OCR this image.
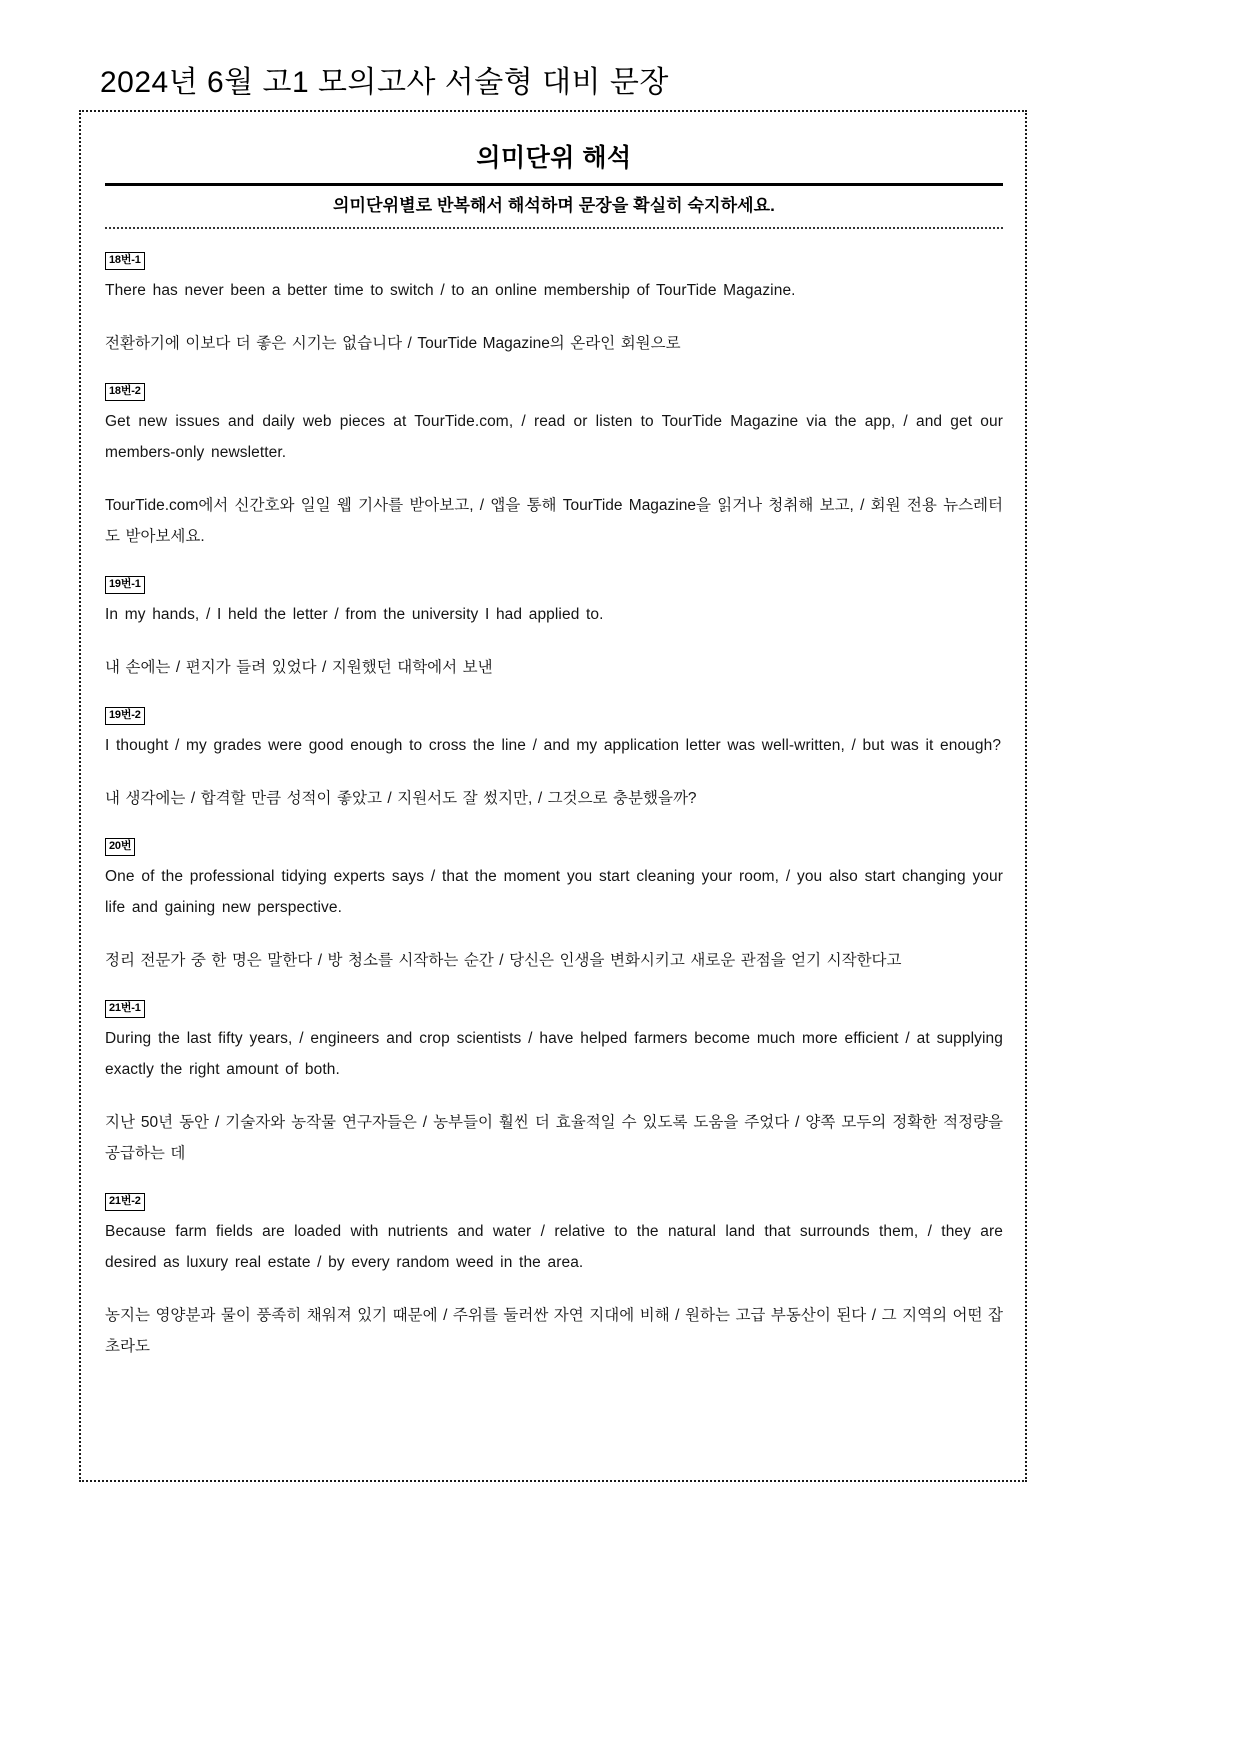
2024년 6월 고1 모의고사 서술형 대비 문장
의미단위 해석
의미단위별로 반복해서 해석하며 문장을 확실히 숙지하세요.
18번-1

There has never been a better time to switch / to an online membership of TourTide Magazine.

전환하기에 이보다 더 좋은 시기는 없습니다 / TourTide Magazine의 온라인 회원으로

18번-2

Get new issues and daily web pieces at TourTide.com, / read or listen to TourTide Magazine via the app, / and get our members-only newsletter.

TourTide.com에서 신간호와 일일 웹 기사를 받아보고, / 앱을 통해 TourTide Magazine을 읽거나 청취해 보고, / 회원 전용 뉴스레터도 받아보세요.

19번-1

In my hands, / I held the letter / from the university I had applied to.

내 손에는 / 편지가 들려 있었다 / 지원했던 대학에서 보낸

19번-2

I thought / my grades were good enough to cross the line / and my application letter was well-written, / but was it enough?

내 생각에는 / 합격할 만큼 성적이 좋았고 / 지원서도 잘 썼지만, / 그것으로 충분했을까?

20번

One of the professional tidying experts says / that the moment you start cleaning your room, / you also start changing your life and gaining new perspective.

정리 전문가 중 한 명은 말한다 / 방 청소를 시작하는 순간 / 당신은 인생을 변화시키고 새로운 관점을 얻기 시작한다고

21번-1

During the last fifty years, / engineers and crop scientists / have helped farmers become much more efficient / at supplying exactly the right amount of both.

지난 50년 동안 / 기술자와 농작물 연구자들은 / 농부들이 훨씬 더 효율적일 수 있도록 도움을 주었다 / 양쪽 모두의 정확한 적정량을 공급하는 데

21번-2

Because farm fields are loaded with nutrients and water / relative to the natural land that surrounds them, / they are desired as luxury real estate / by every random weed in the area.

농지는 영양분과 물이 풍족히 채워져 있기 때문에 / 주위를 둘러싼 자연 지대에 비해 / 원하는 고급 부동산이 된다 / 그 지역의 어떤 잡초라도
